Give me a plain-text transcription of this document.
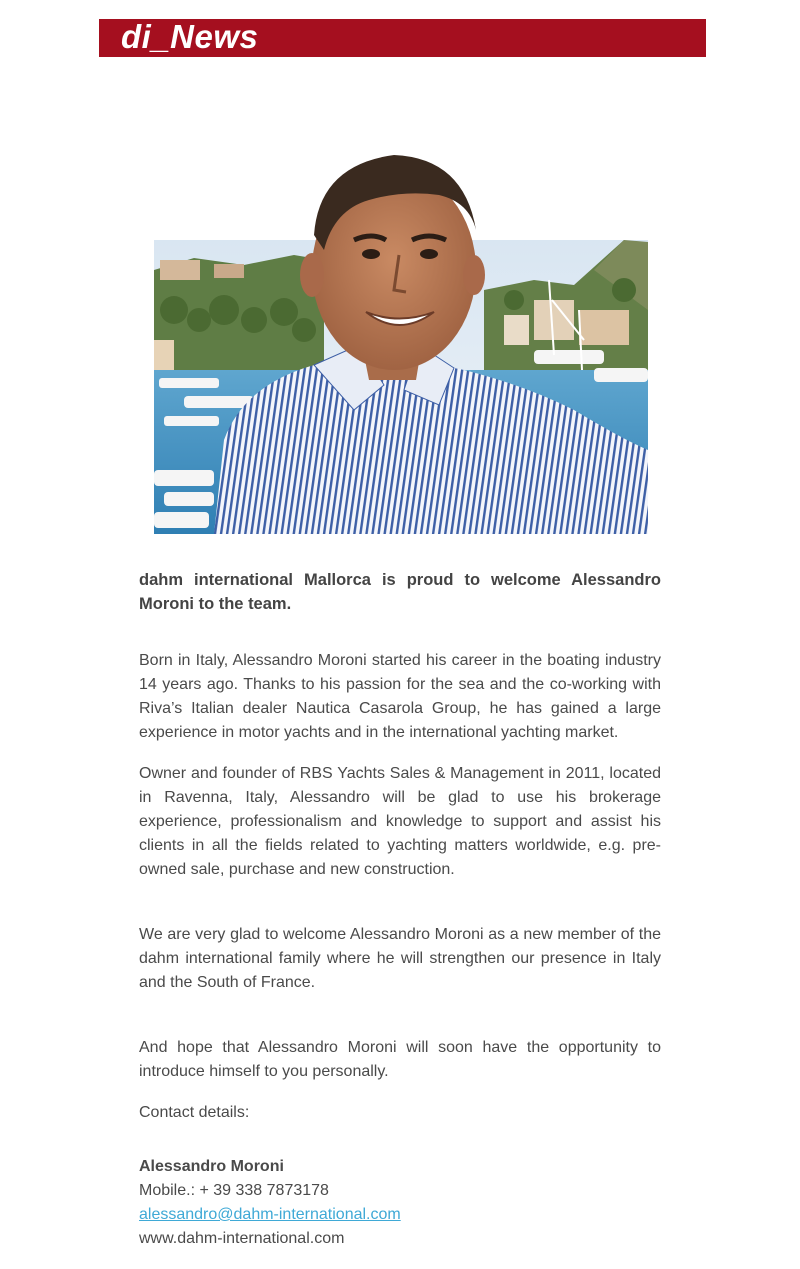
di_News

dahm international Mallorca is proud to welcome Alessandro Moroni to the team.

Born in Italy, Alessandro Moroni started his career in the boating industry 14 years ago. Thanks to his passion for the sea and the co-working with Riva’s Italian dealer Nautica Casarola Group, he has gained a large experience in motor yachts and in the international yachting market.

Owner and founder of RBS Yachts Sales & Management in 2011, located in Ravenna, Italy, Alessandro will be glad to use his brokerage experience, professionalism and knowledge to support and assist his clients in all the fields related to yachting matters worldwide, e.g. pre-owned sale, purchase and new construction.

We are very glad to welcome Alessandro Moroni as a new member of the dahm international family where he will strengthen our presence in Italy and the South of France.

And hope that Alessandro Moroni will soon have the opportunity to introduce himself to you personally.

Contact details:

Alessandro Moroni
Mobile.: + 39 338 7873178
alessandro@dahm-international.com
www.dahm-international.com
